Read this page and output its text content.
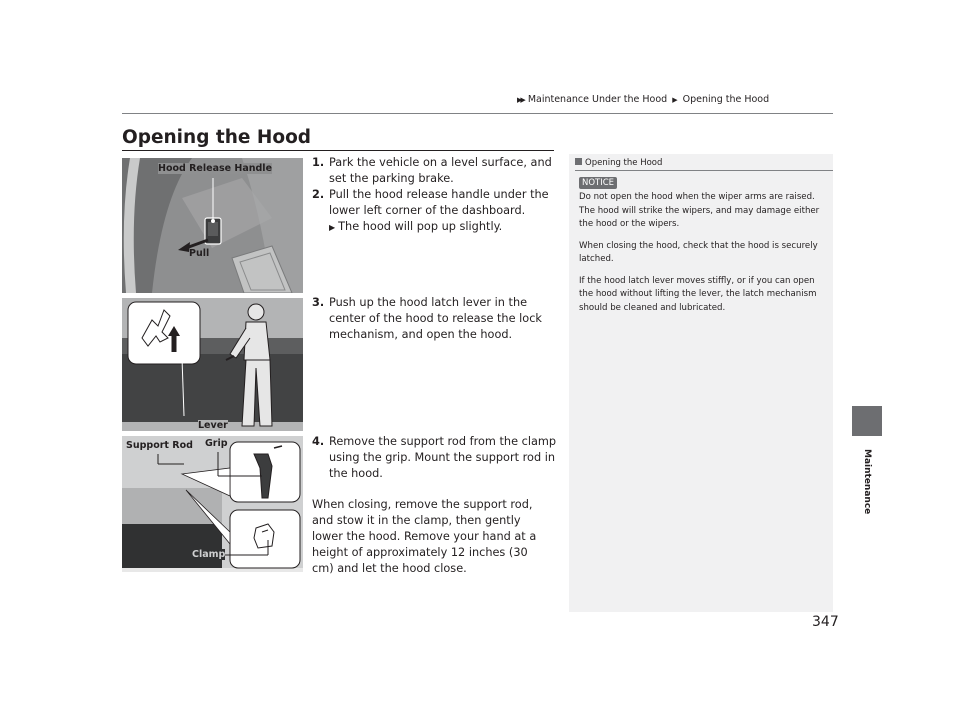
▶▶ Maintenance Under the Hood ▶ Opening the Hood
Opening the Hood
Maintenance
Hood Release Handle
Pull
Lever
Support Rod Grip
Clamp
1. Park the vehicle on a level surface, and set the parking brake.
2. Pull the hood release handle under the lower left corner of the dashboard.
▶ The hood will pop up slightly.
3. Push up the hood latch lever in the center of the hood to release the lock mechanism, and open the hood.
4. Remove the support rod from the clamp using the grip. Mount the support rod in the hood.
When closing, remove the support rod, and stow it in the clamp, then gently lower the hood. Remove your hand at a height of approximately 12 inches (30 cm) and let the hood close.
Opening the Hood
NOTICE

Do not open the hood when the wiper arms are raised.
The hood will strike the wipers, and may damage either the hood or the wipers.

When closing the hood, check that the hood is securely latched.

If the hood latch lever moves stiffly, or if you can open the hood without lifting the lever, the latch mechanism should be cleaned and lubricated.

347
